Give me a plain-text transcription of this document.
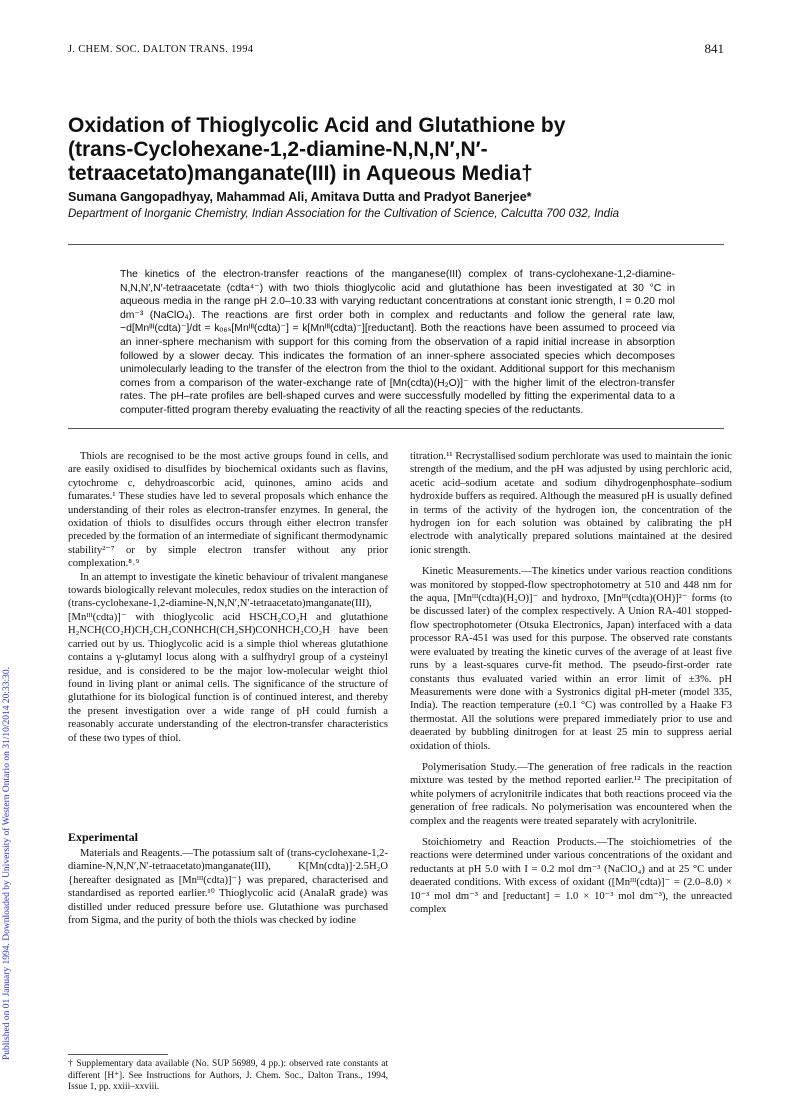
J. CHEM. SOC. DALTON TRANS. 1994	841
Published on 01 January 1994. Downloaded by University of Western Ontario on 31/10/2014 20:33:30.
Oxidation of Thioglycolic Acid and Glutathione by (trans-Cyclohexane-1,2-diamine-N,N,N′,N′-tetraacetato)manganate(III) in Aqueous Media†
Sumana Gangopadhyay, Mahammad Ali, Amitava Dutta and Pradyot Banerjee*
Department of Inorganic Chemistry, Indian Association for the Cultivation of Science, Calcutta 700 032, India
The kinetics of the electron-transfer reactions of the manganese(III) complex of trans-cyclohexane-1,2-diamine-N,N,N′,N′-tetraacetate (cdta⁴⁻) with two thiols thioglycolic acid and glutathione has been investigated at 30 °C in aqueous media in the range pH 2.0–10.33 with varying reductant concentrations at constant ionic strength, I = 0.20 mol dm⁻³ (NaClO₄). The reactions are first order both in complex and reductants and follow the general rate law, −d[Mnᴵᴵᴵ(cdta)⁻]/dt = kₒ₆ₛ[Mnᴵᴵᴵ(cdta)⁻] = k[Mnᴵᴵᴵ(cdta)⁻][reductant]. Both the reactions have been assumed to proceed via an inner-sphere mechanism with support for this coming from the observation of a rapid initial increase in absorption followed by a slower decay. This indicates the formation of an inner-sphere associated species which decomposes unimolecularly leading to the transfer of the electron from the thiol to the oxidant. Additional support for this mechanism comes from a comparison of the water-exchange rate of [Mn(cdta)(H₂O)]⁻ with the higher limit of the electron-transfer rates. The pH–rate profiles are bell-shaped curves and were successfully modelled by fitting the experimental data to a computer-fitted program thereby evaluating the reactivity of all the reacting species of the reductants.

Thiols are recognised to be the most active groups found in cells, and are easily oxidised to disulfides by biochemical oxidants such as flavins, cytochrome c, dehydroascorbic acid, quinones, amino acids and fumarates.¹ These studies have led to several proposals which enhance the understanding of their roles as electron-transfer enzymes. In general, the oxidation of thiols to disulfides occurs through either electron transfer preceded by the formation of an intermediate of significant thermodynamic stability²⁻⁷ or by simple electron transfer without any prior complexation.⁸˒⁹

In an attempt to investigate the kinetic behaviour of trivalent manganese towards biologically relevant molecules, redox studies on the interaction of (trans-cyclohexane-1,2-diamine-N,N,N′,N′-tetraacetato)manganate(III), [Mnᴵᴵᴵ(cdta)]⁻ with thioglycolic acid HSCH₂CO₂H and glutathione H₂NCH(CO₂H)CH₂CH₂CONHCH(CH₂SH)CONHCH₂CO₂H have been carried out by us. Thioglycolic acid is a simple thiol whereas glutathione contains a γ-glutamyl locus along with a sulfhydryl group of a cysteinyl residue, and is considered to be the major low-molecular weight thiol found in living plant or animal cells. The significance of the structure of glutathione for its biological function is of continued interest, and thereby the present investigation over a wide range of pH could furnish a reasonably accurate understanding of the electron-transfer characteristics of these two types of thiol.

Experimental

Materials and Reagents.—The potassium salt of (trans-cyclohexane-1,2-diamine-N,N,N′,N′-tetraacetato)manganate(III), K[Mn(cdta)]·2.5H₂O {hereafter designated as [Mnᴵᴵᴵ(cdta)]⁻} was prepared, characterised and standardised as reported earlier.¹⁰ Thioglycolic acid (AnalaR grade) was distilled under reduced pressure before use. Glutathione was purchased from Sigma, and the purity of both the thiols was checked by iodine

titration.¹¹ Recrystallised sodium perchlorate was used to maintain the ionic strength of the medium, and the pH was adjusted by using perchloric acid, acetic acid–sodium acetate and sodium dihydrogenphosphate–sodium hydroxide buffers as required. Although the measured pH is usually defined in terms of the activity of the hydrogen ion, the concentration of the hydrogen ion for each solution was obtained by calibrating the pH electrode with analytically prepared solutions maintained at the desired ionic strength.

Kinetic Measurements.—The kinetics under various reaction conditions was monitored by stopped-flow spectrophotometry at 510 and 448 nm for the aqua, [Mnᴵᴵᴵ(cdta)(H₂O)]⁻ and hydroxo, [Mnᴵᴵᴵ(cdta)(OH)]²⁻ forms (to be discussed later) of the complex respectively. A Union RA-401 stopped-flow spectrophotometer (Otsuka Electronics, Japan) interfaced with a data processor RA-451 was used for this purpose. The observed rate constants were evaluated by treating the kinetic curves of the average of at least five runs by a least-squares curve-fit method. The pseudo-first-order rate constants thus evaluated varied within an error limit of ±3%. pH Measurements were done with a Systronics digital pH-meter (model 335, India). The reaction temperature (±0.1 °C) was controlled by a Haake F3 thermostat. All the solutions were prepared immediately prior to use and deaerated by bubbling dinitrogen for at least 25 min to suppress aerial oxidation of thiols.

Polymerisation Study.—The generation of free radicals in the reaction mixture was tested by the method reported earlier.¹² The precipitation of white polymers of acrylonitrile indicates that both reactions proceed via the generation of free radicals. No polymerisation was encountered when the complex and the reagents were treated separately with acrylonitrile.

Stoichiometry and Reaction Products.—The stoichiometries of the reactions were determined under various concentrations of the oxidant and reductants at pH 5.0 with I = 0.2 mol dm⁻³ (NaClO₄) and at 25 °C under deaerated conditions. With excess of oxidant ([Mnᴵᴵᴵ(cdta)]⁻ = (2.0–8.0) × 10⁻³ mol dm⁻³ and [reductant] = 1.0 × 10⁻³ mol dm⁻³), the unreacted complex

† Supplementary data available (No. SUP 56989, 4 pp.): observed rate constants at different [H⁺]. See Instructions for Authors, J. Chem. Soc., Dalton Trans., 1994, Issue 1, pp. xxiii–xxviii.
